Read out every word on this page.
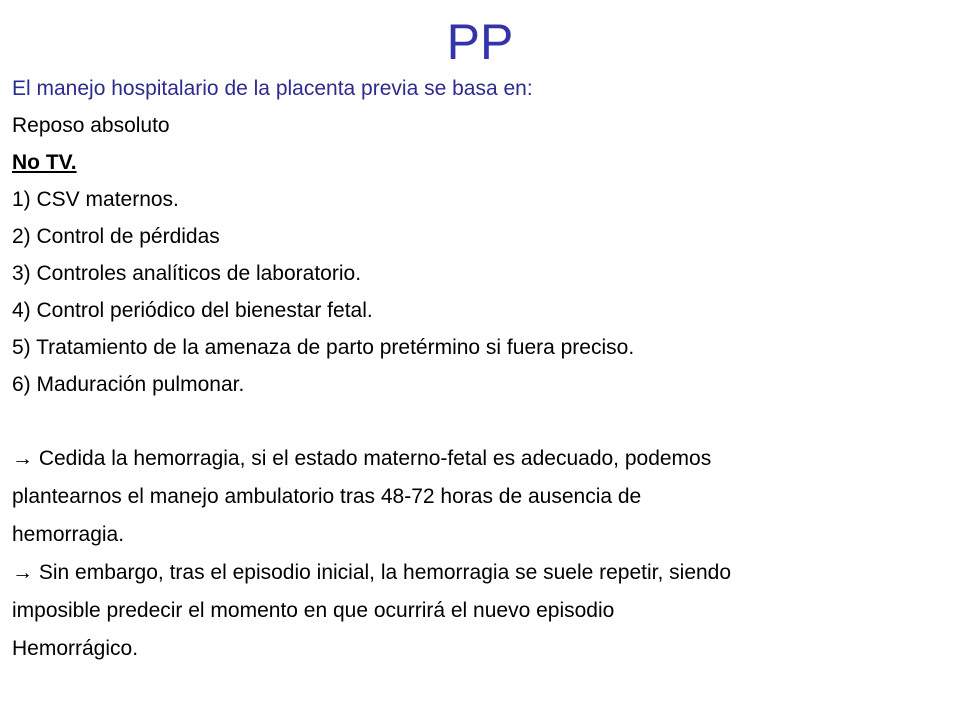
PP
El manejo hospitalario de la placenta previa se basa en:
Reposo absoluto
No TV.
1) CSV maternos.
2) Control de pérdidas
3) Controles analíticos de laboratorio.
4) Control periódico del bienestar fetal.
5) Tratamiento de la amenaza de parto pretérmino si fuera preciso.
6) Maduración pulmonar.
→ Cedida la hemorragia, si el estado materno-fetal es adecuado, podemos
plantearnos el manejo ambulatorio tras 48-72 horas de ausencia de
hemorragia.
→ Sin embargo, tras el episodio inicial, la hemorragia se suele repetir, siendo
imposible predecir el momento en que ocurrirá el nuevo episodio
Hemorrágico.
